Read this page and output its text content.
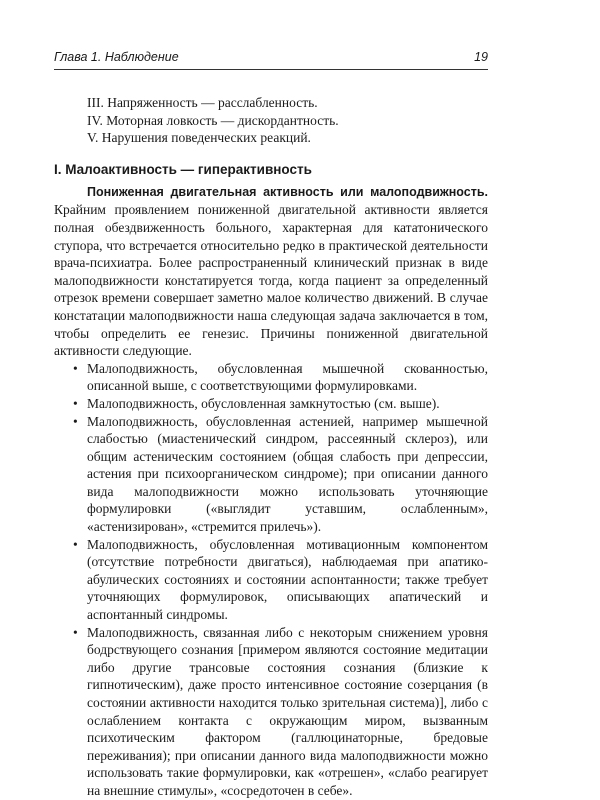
Глава 1. Наблюдение	19
III. Напряженность — расслабленность.
IV. Моторная ловкость — дискордантность.
V. Нарушения поведенческих реакций.
I. Малоактивность — гиперактивность

Пониженная двигательная активность или малоподвижность. Крайним проявлением пониженной двигательной активности является полная обездвиженность больного, характерная для кататонического ступора, что встречается относительно редко в практической деятельности врача-психиатра. Более распространенный клинический признак в виде малоподвижности констатируется тогда, когда пациент за определенный отрезок времени совершает заметно малое количество движений. В случае констатации малоподвижности наша следующая задача заключается в том, чтобы определить ее генезис. Причины пониженной двигательной активности следующие.

• Малоподвижность, обусловленная мышечной скованностью, описанной выше, с соответствующими формулировками.
• Малоподвижность, обусловленная замкнутостью (см. выше).
• Малоподвижность, обусловленная астенией, например мышечной слабостью (миастенический синдром, рассеянный склероз), или общим астеническим состоянием (общая слабость при депрессии, астения при психоорганическом синдроме); при описании данного вида малоподвижности можно использовать уточняющие формулировки («выглядит уставшим, ослабленным», «астенизирован», «стремится прилечь»).
• Малоподвижность, обусловленная мотивационным компонентом (отсутствие потребности двигаться), наблюдаемая при апатико-абулических состояниях и состоянии аспонтанности; также требует уточняющих формулировок, описывающих апатический и аспонтанный синдромы.
• Малоподвижность, связанная либо с некоторым снижением уровня бодрствующего сознания [примером являются состояние медитации либо другие трансовые состояния сознания (близкие к гипнотическим), даже просто интенсивное состояние созерцания (в состоянии активности находится только зрительная система)], либо с ослаблением контакта с окружающим миром, вызванным психотическим фактором (галлюцинаторные, бредовые переживания); при описании данного вида малоподвижности можно использовать такие формулировки, как «отрешен», «слабо реагирует на внешние стимулы», «сосредоточен в себе».
